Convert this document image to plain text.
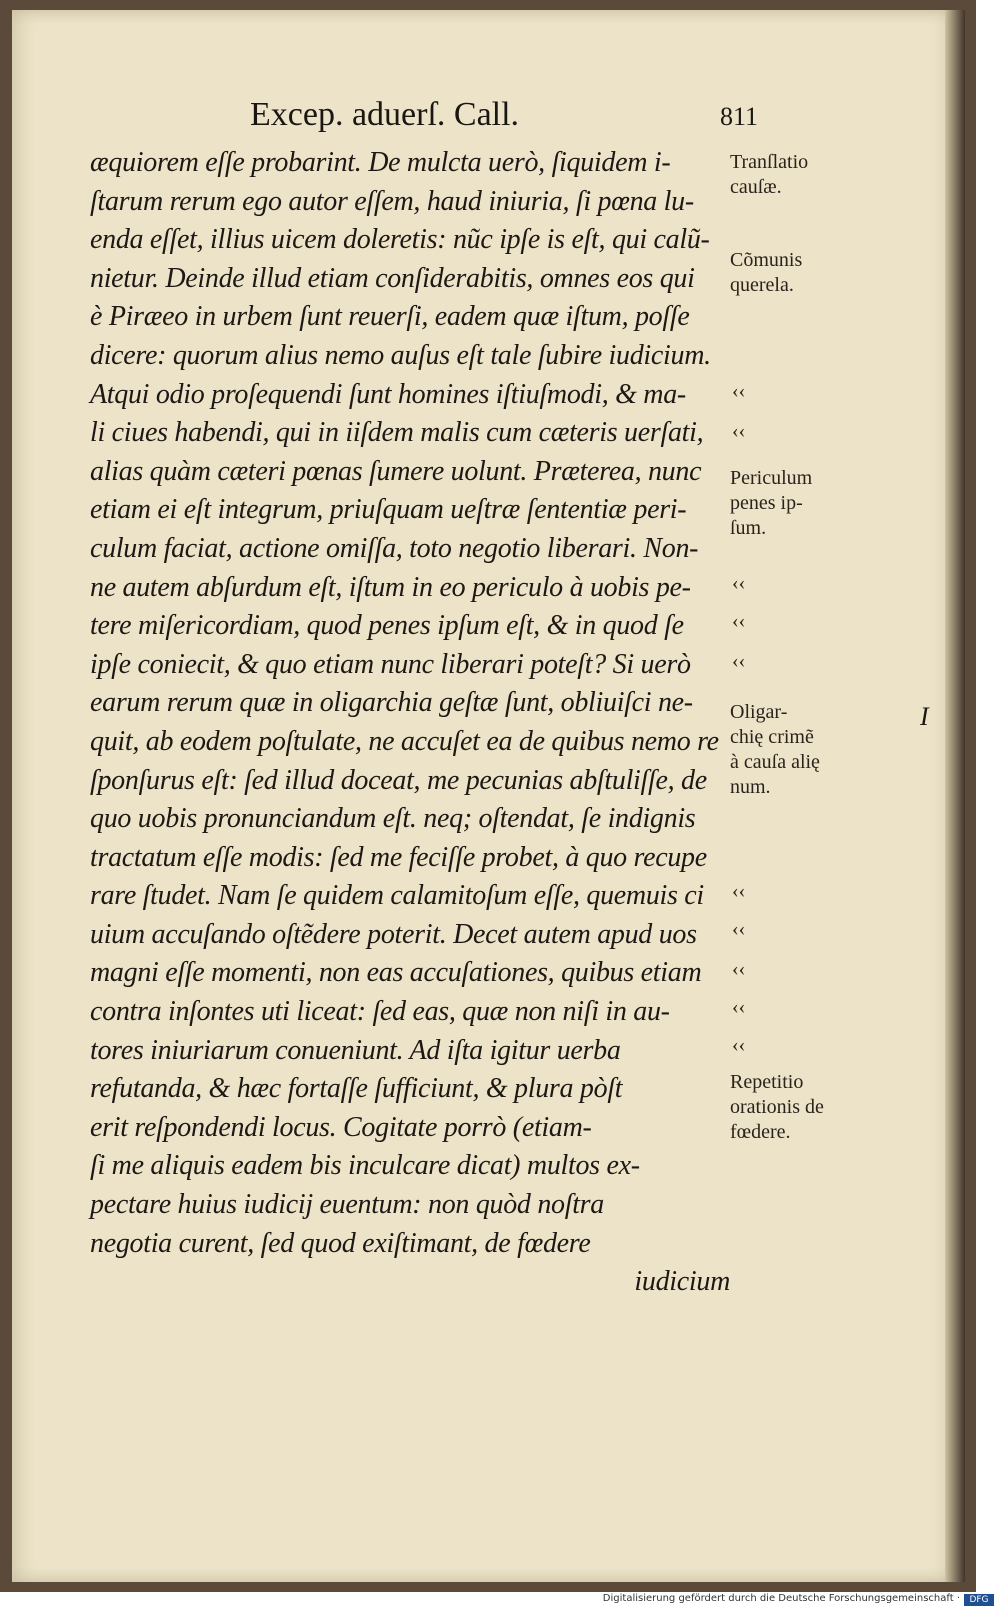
Excep. aduerſ. Call.	811
æquiorem eſſe probarint. De mulcta uerò, ſiquidem i-
ſtarum rerum ego autor eſſem, haud iniuria, ſi pœna lu-
enda eſſet, illius uicem doleretis: nũc ipſe is eſt, qui calũ-
nietur. Deinde illud etiam conſiderabitis, omnes eos qui
è Piræeo in urbem ſunt reuerſi, eadem quæ iſtum, poſſe
dicere: quorum alius nemo auſus eſt tale ſubire iudicium.
Atqui odio proſequendi ſunt homines iſtiuſmodi, & ma-
li ciues habendi, qui in iiſdem malis cum cæteris uerſati,
alias quàm cæteri pœnas ſumere uolunt. Præterea, nunc
etiam ei eſt integrum, priuſquam ueſtræ ſententiæ peri-
culum faciat, actione omiſſa, toto negotio liberari. Non-
ne autem abſurdum eſt, iſtum in eo periculo à uobis pe-
tere miſericordiam, quod penes ipſum eſt, & in quod ſe
ipſe coniecit, & quo etiam nunc liberari poteſt? Si uerò
earum rerum quæ in oligarchia geſtæ ſunt, obliuiſci ne-
quit, ab eodem poſtulate, ne accuſet ea de quibus nemo re
ſponſurus eſt: ſed illud doceat, me pecunias abſtuliſſe, de
quo uobis pronunciandum eſt. neq; oſtendat, ſe indignis
tractatum eſſe modis: ſed me feciſſe probet, à quo recupe
rare ſtudet. Nam ſe quidem calamitoſum eſſe, quemuis ci
uium accuſando oſtẽdere poterit. Decet autem apud uos
magni eſſe momenti, non eas accuſationes, quibus etiam
contra inſontes uti liceat: ſed eas, quæ non niſi in au-
tores iniuriarum conueniunt. Ad iſta igitur uerba
refutanda, & hæc fortaſſe ſufficiunt, & plura pòſt
erit reſpondendi locus. Cogitate porrò (etiam-
ſi me aliquis eadem bis inculcare dicat) multos ex-
pectare huius iudicij euentum: non quòd noſtra
negotia curent, ſed quod exiſtimant, de fœdere
iudicium
Tranſlatio
cauſæ.
Cõmunis
querela.
Periculum
penes ip-
ſum.
Oligar-
chię crimẽ
à cauſa alię
num.
Repetitio
orationis de
fœdere.
‹‹
‹‹
‹‹
‹‹
‹‹
‹‹
‹‹
‹‹
‹‹
‹‹
I
Digitalisierung gefördert durch die Deutsche Forschungsgemeinschaft ·	DFG
